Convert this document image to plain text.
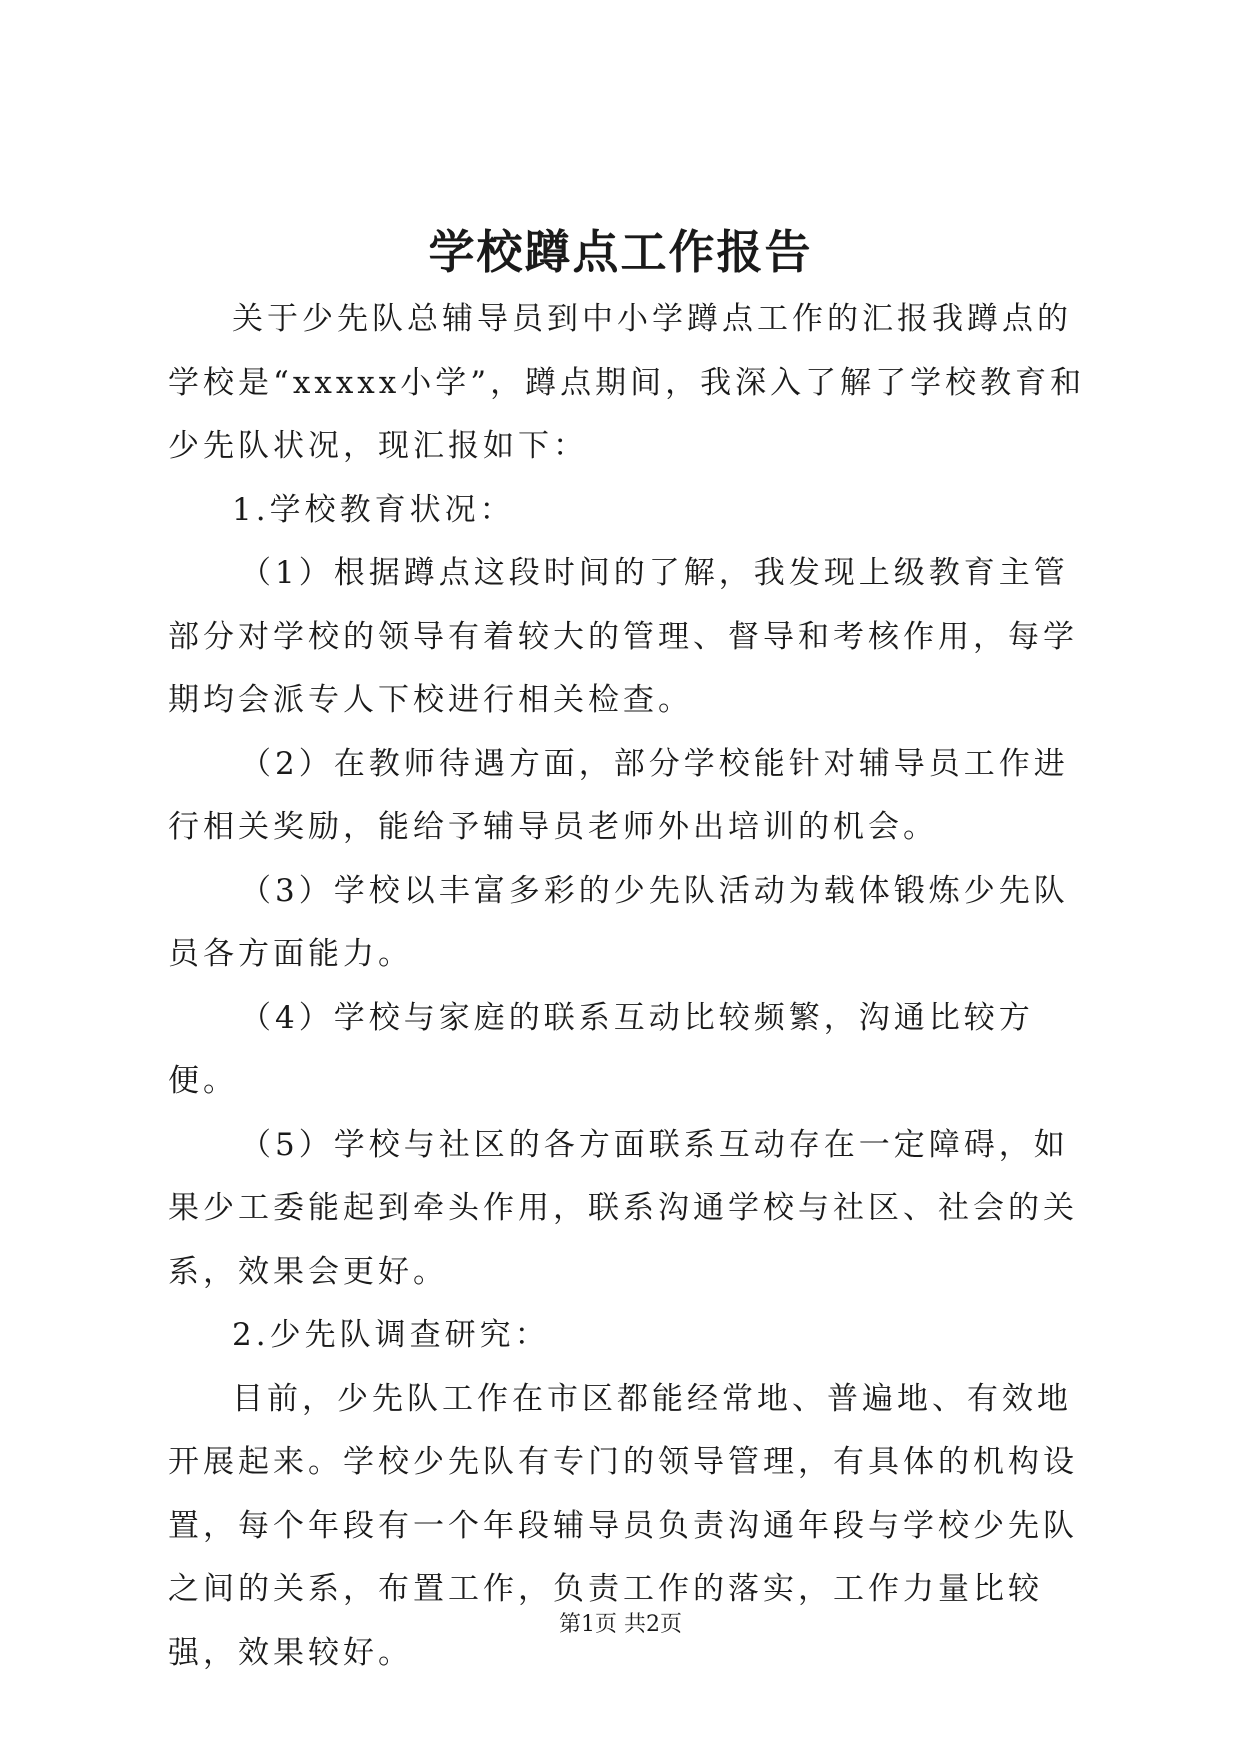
学校蹲点工作报告

关于少先队总辅导员到中小学蹲点工作的汇报我蹲点的学校是“xxxxx小学”，蹲点期间，我深入了解了学校教育和少先队状况，现汇报如下：

1.学校教育状况：

（1）根据蹲点这段时间的了解，我发现上级教育主管部分对学校的领导有着较大的管理、督导和考核作用，每学期均会派专人下校进行相关检查。

（2）在教师待遇方面，部分学校能针对辅导员工作进行相关奖励，能给予辅导员老师外出培训的机会。

（3）学校以丰富多彩的少先队活动为载体锻炼少先队员各方面能力。

（4）学校与家庭的联系互动比较频繁，沟通比较方便。

（5）学校与社区的各方面联系互动存在一定障碍，如果少工委能起到牵头作用，联系沟通学校与社区、社会的关系，效果会更好。

2.少先队调查研究：

目前，少先队工作在市区都能经常地、普遍地、有效地开展起来。学校少先队有专门的领导管理，有具体的机构设置，每个年段有一个年段辅导员负责沟通年段与学校少先队之间的关系，布置工作，负责工作的落实，工作力量比较强，效果较好。

第1页 共2页
